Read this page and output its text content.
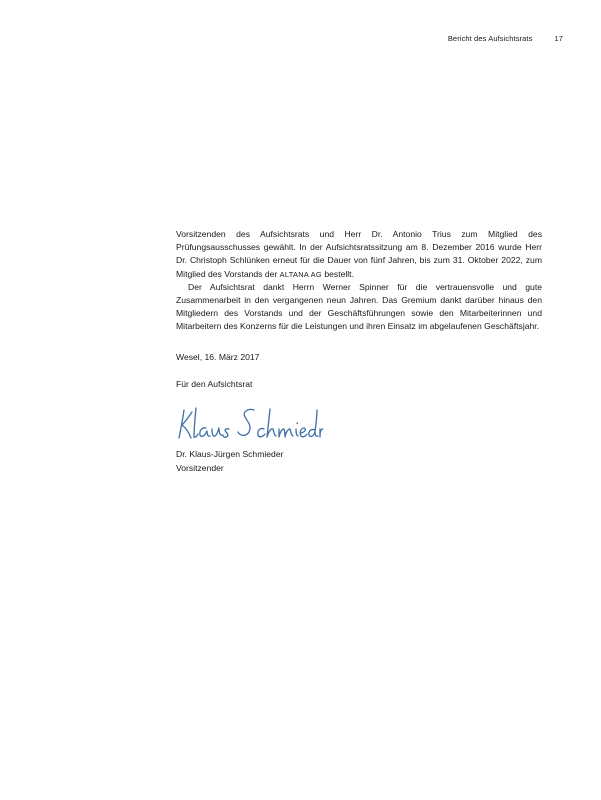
Bericht des Aufsichtsrats	17

Vorsitzenden des Aufsichtsrats und Herr Dr. Antonio Trius zum Mitglied des Prüfungsausschusses gewählt. In der Aufsichtsratssitzung am 8. Dezember 2016 wurde Herr Dr. Christoph Schlünken erneut für die Dauer von fünf Jahren, bis zum 31. Oktober 2022, zum Mitglied des Vorstands der ALTANA AG bestellt.

Der Aufsichtsrat dankt Herrn Werner Spinner für die vertrauensvolle und gute Zusammenarbeit in den vergangenen neun Jahren. Das Gremium dankt darüber hinaus den Mitgliedern des Vorstands und der Geschäftsführungen sowie den Mitarbeiterinnen und Mitarbeitern des Konzerns für die Leistungen und ihren Einsatz im abgelaufenen Geschäftsjahr.

Wesel, 16. März 2017
Für den Aufsichtsrat
Dr. Klaus-Jürgen Schmieder
Vorsitzender
